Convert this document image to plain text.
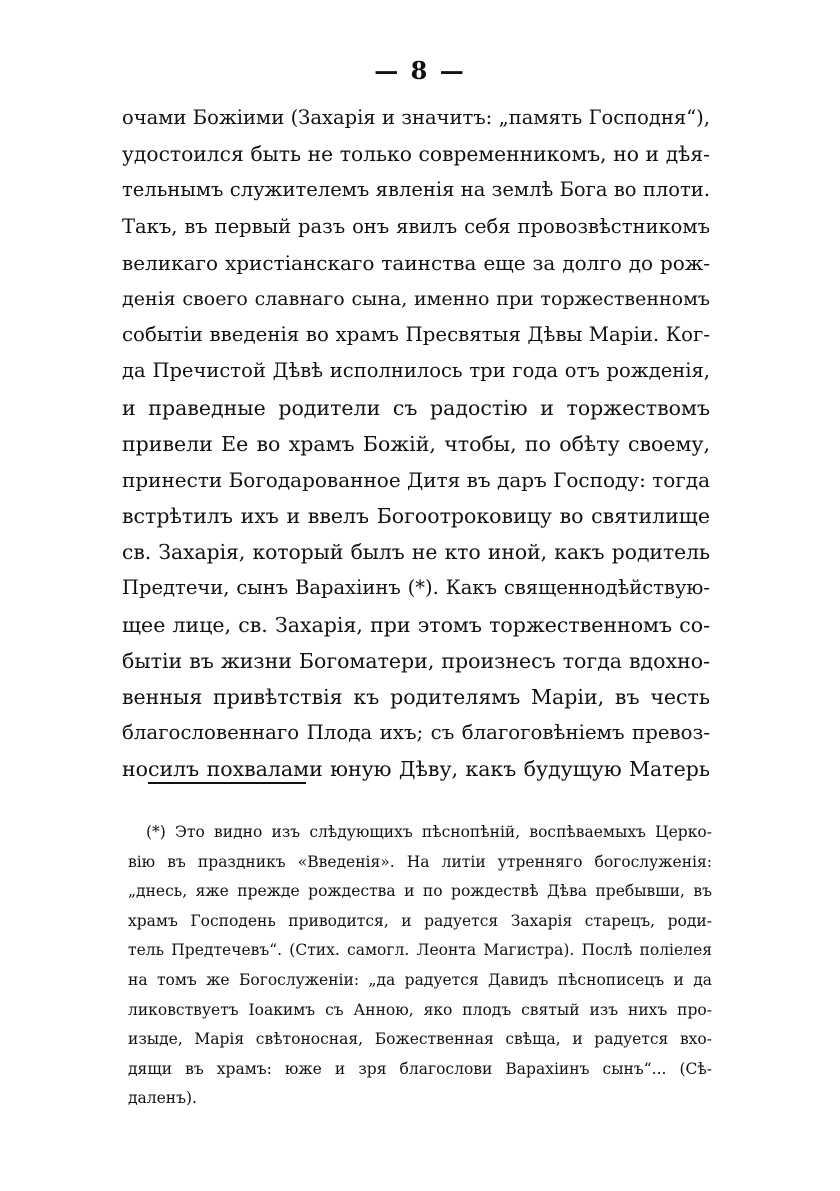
— 8 —
очами Божіими (Захарія и значитъ: „память Господня“),
удостоился быть не только современникомъ, но и дѣя-
тельнымъ служителемъ явленія на землѣ Бога во плоти.
Такъ, въ первый разъ онъ явилъ себя провозвѣстникомъ
великаго христіанскаго таинства еще за долго до рож-
денія своего славнаго сына, именно при торжественномъ
событіи введенія во храмъ Пресвятыя Дѣвы Маріи. Ког-
да Пречистой Дѣвѣ исполнилось три года отъ рожденія,
и праведные родители съ радостію и торжествомъ
привели Ее во храмъ Божій, чтобы, по обѣту своему,
принести Богодарованное Дитя въ даръ Господу: тогда
встрѣтилъ ихъ и ввелъ Богоотроковицу во святилище
св. Захарія, который былъ не кто иной, какъ родитель
Предтечи, сынъ Варахіинъ (*). Какъ священнодѣйствую-
щее лице, св. Захарія, при этомъ торжественномъ со-
бытіи въ жизни Богоматери, произнесъ тогда вдохно-
венныя привѣтствія къ родителямъ Маріи, въ честь
благословеннаго Плода ихъ; съ благоговѣніемъ превоз-
носилъ похвалами юную Дѣву, какъ будущую Матерь
(*) Это видно изъ слѣдующихъ пѣснопѣній, воспѣваемыхъ Церко-
вію въ праздникъ «Введенія». На литіи утренняго богослуженія:
„днесь, яже прежде рождества и по рождествѣ Дѣва пребывши, въ
храмъ Господень приводится, и радуется Захарія старецъ, роди-
тель Предтечевъ“. (Стих. самогл. Леонта Магистра). Послѣ поліелея
на томъ же Богослуженіи: „да радуется Давидъ пѣснописецъ и да
ликовствуетъ Іоакимъ съ Анною, яко плодъ святый изъ нихъ про-
изыде, Марія свѣтоносная, Божественная свѣща, и радуется вхо-
дящи въ храмъ: юже и зря благослови Варахіинъ сынъ“... (Сѣ-
даленъ).
